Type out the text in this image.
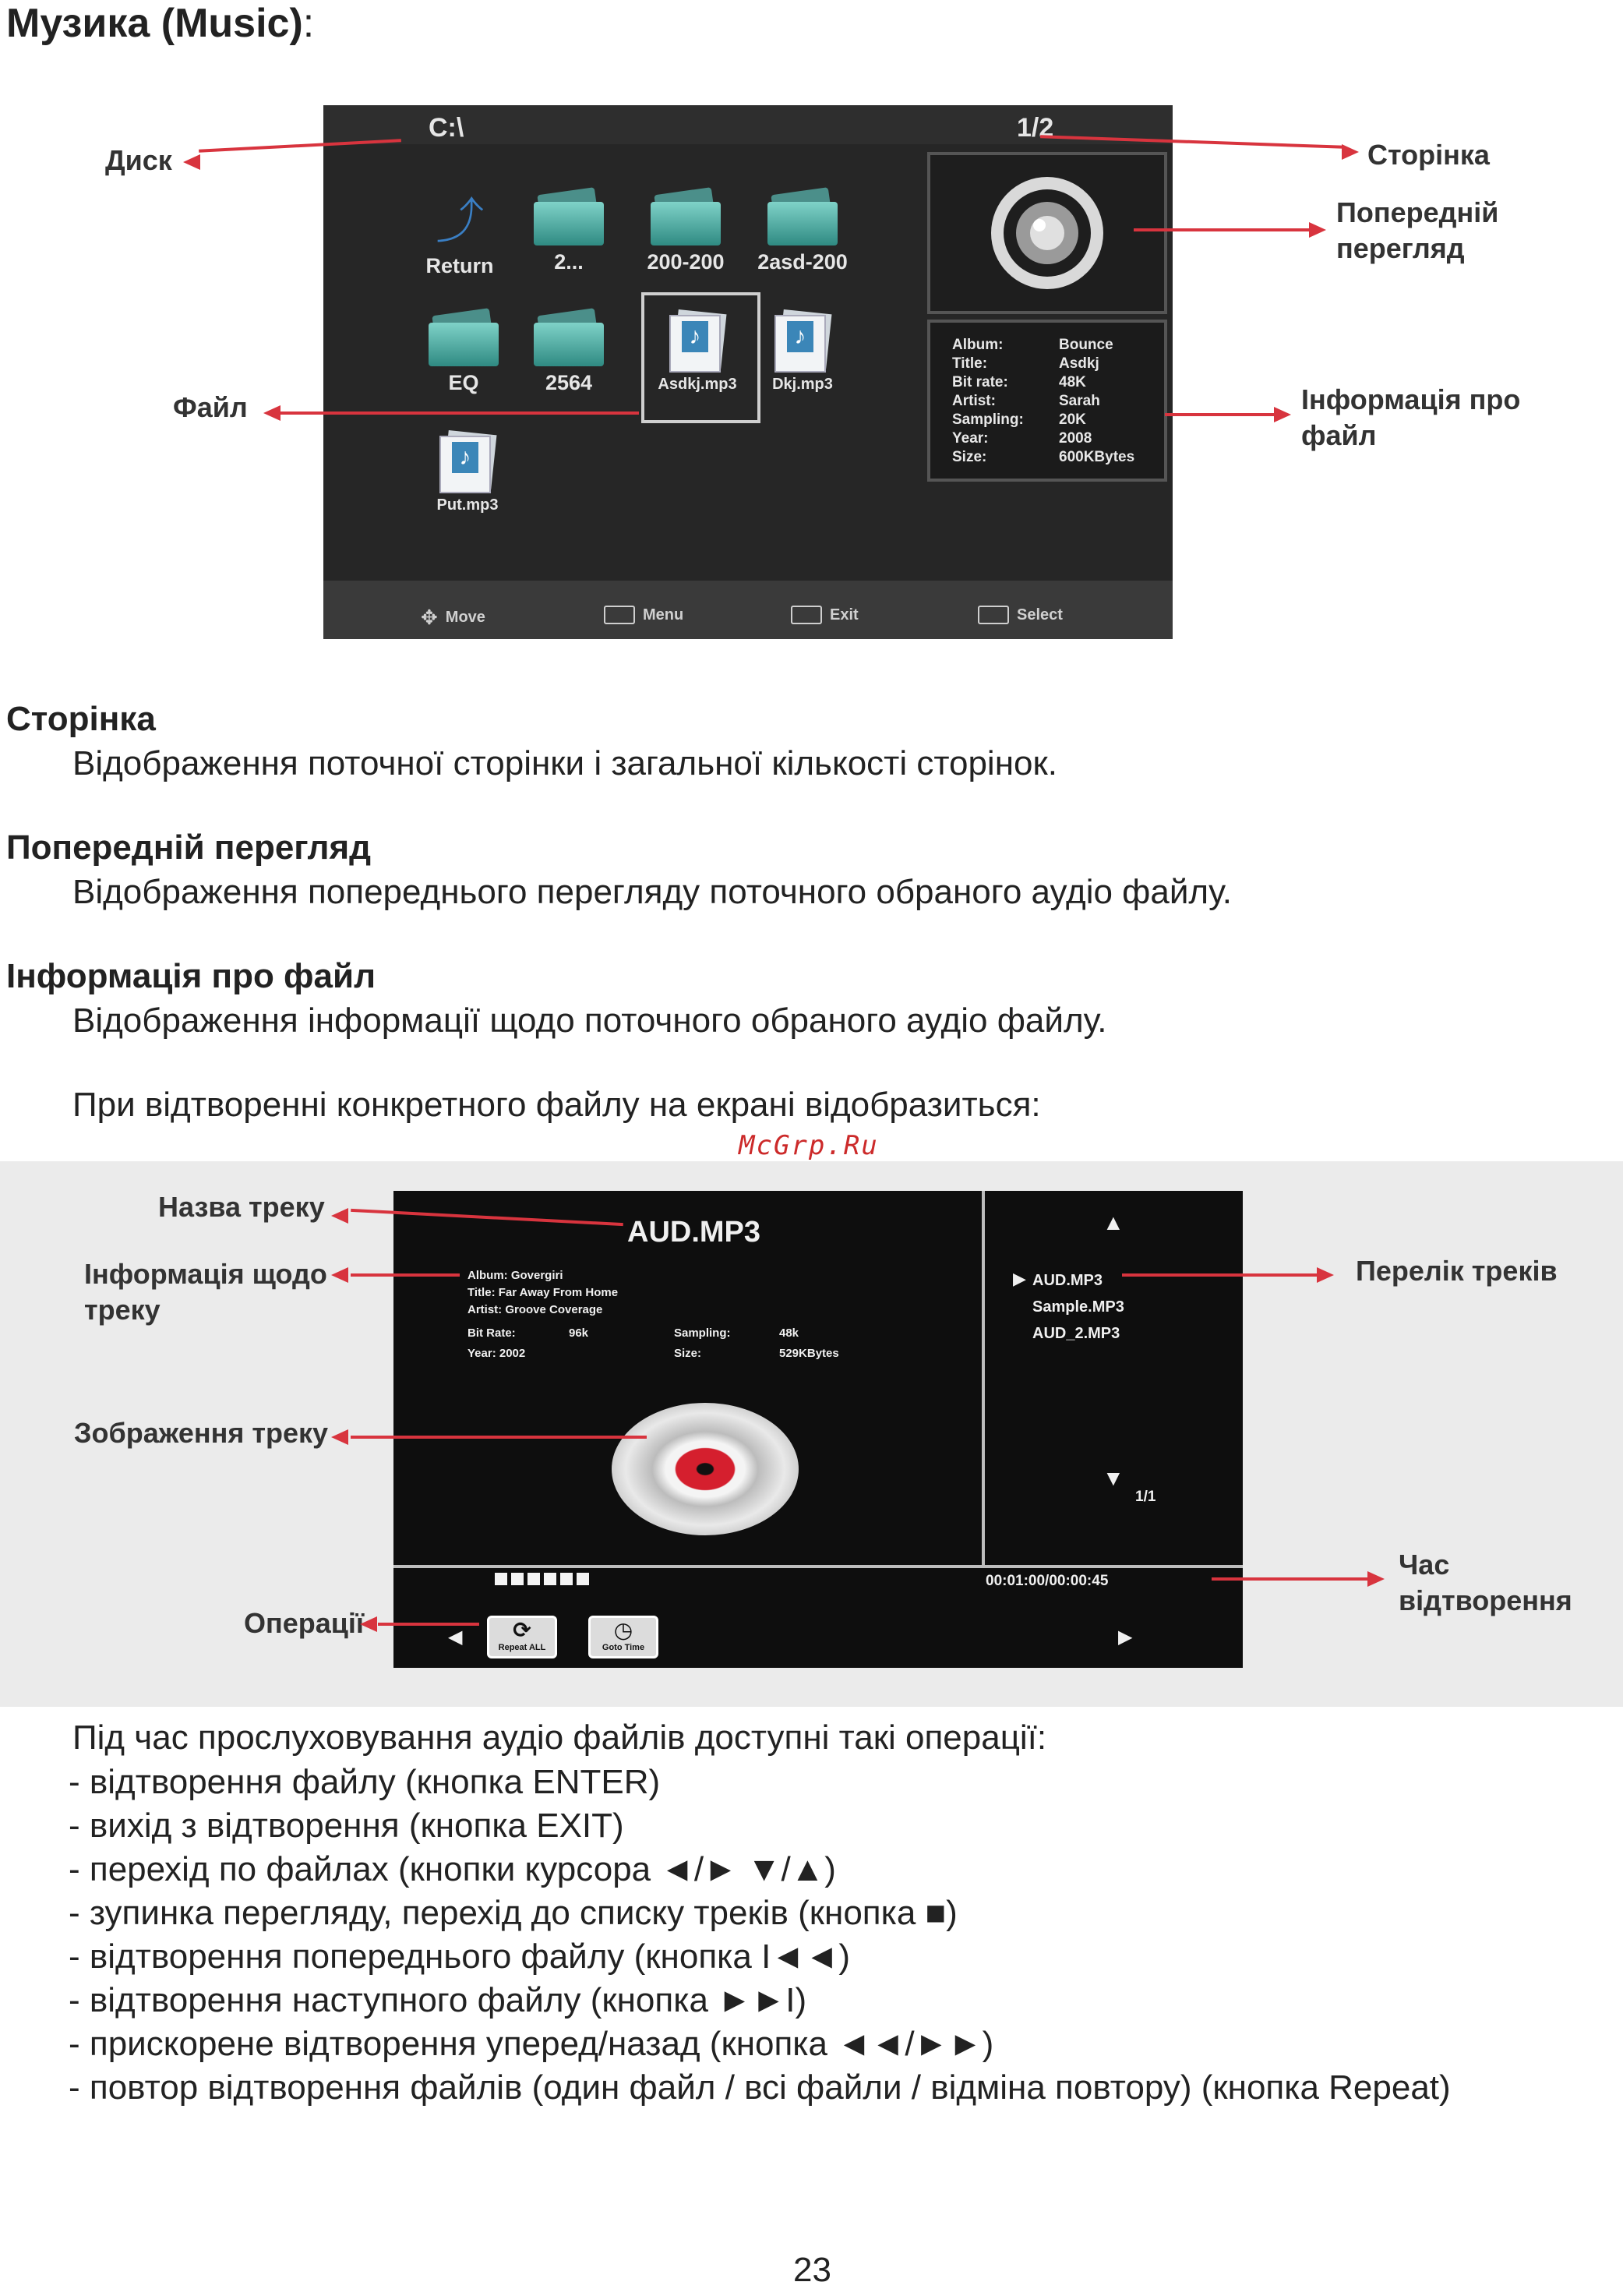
Музика (Music):
C:\	1/2
⤴
Return	2...	200-200	2asd-200
EQ	2564
♪
Asdkj.mp3
♪
Dkj.mp3
♪
Put.mp3
Album:	Bounce
Title:	Asdkj
Bit rate:	48K
Artist:	Sarah
Sampling: 20K
Year:	2008
Size:	600KBytes
✥ Move	Menu	Exit	Select
Диск	Сторінка
Попередній
перегляд
Файл	Інформація про
файл
Сторінка
Відображення поточної сторінки і загальної кількості сторінок.
Попередній перегляд
Відображення попереднього перегляду поточного обраного аудіо файлу.
Інформація про файл
Відображення інформації щодо поточного обраного аудіо файлу.
При відтворенні конкретного файлу на екрані відобразиться:
McGrp.Ru
AUD.MP3
Album: Govergiri
Title: Far Away From Home
Artist: Groove Coverage
Bit Rate:	96k	Sampling:	48k
Year: 2002	Size:	529KBytes
▲
▶ AUD.MP3
Sample.MP3
AUD_2.MP3
▼
1/1
00:01:00/00:00:45
◀	⟳
Repeat ALL
◷
Goto Time	▶
Назва треку
Інформація щодо
треку
Зображення треку
Операції
Перелік треків
Час
відтворення
Під час прослуховування аудіо файлів доступні такі операції:
- відтворення файлу (кнопка ENTER)
- вихід з відтворення (кнопка EXIT)
- перехід по файлах (кнопки курсора ◄/► ▼/▲)
- зупинка перегляду, перехід до списку треків (кнопка ■)
- відтворення попереднього файлу (кнопка I◄◄)
- відтворення наступного файлу (кнопка ►►I)
- прискорене відтворення уперед/назад (кнопка ◄◄/►►)
- повтор відтворення файлів (один файл / всі файли / відміна повтору) (кнопка Repeat)
23
